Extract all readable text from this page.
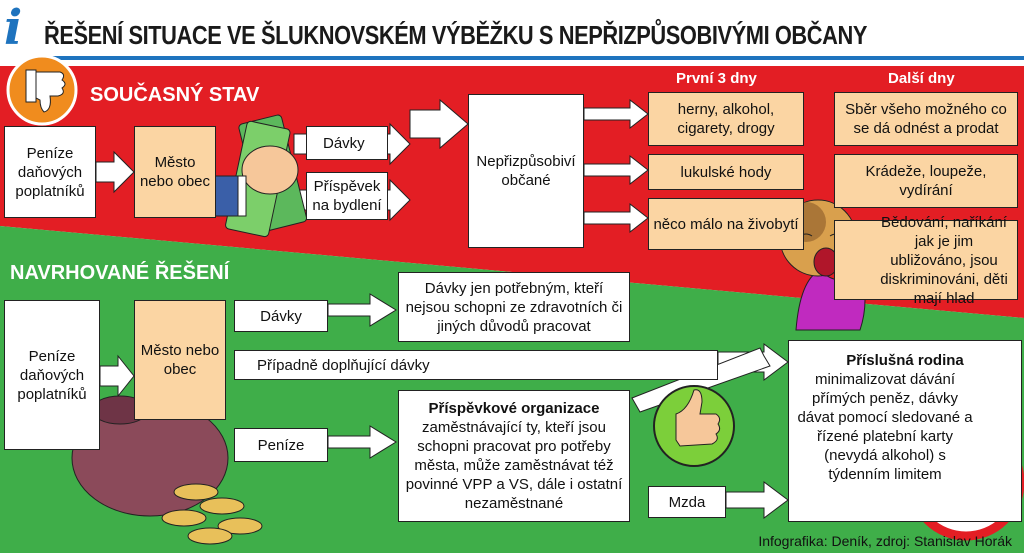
i ŘEŠENÍ SITUACE VE ŠLUKNOVSKÉM VÝBĚŽKU S NEPŘIZPŮSOBIVÝMI OBČANY
SOUČASNÝ STAV
První 3 dny	Další dny
Peníze daňových poplatníků
Město nebo obec
Dávky
Příspěvek na bydlení
Nepřizpůsobiví občané
herny, alkohol, cigarety, drogy
lukulské hody
něco málo na živobytí
Sběr všeho možného co se dá odnést a prodat
Krádeže, loupeže, vydírání
Bědování, naříkání jak je jim ubližováno, jsou diskriminováni, děti mají hlad
NAVRHOVANÉ ŘEŠENÍ
Peníze daňových poplatníků
Město nebo obec
Dávky
Dávky jen potřebným, kteří nejsou schopni ze zdravotních či jiných důvodů pracovat
Případně doplňující dávky
Peníze
Příspěvkové organizace
zaměstnávající ty, kteří jsou schopni pracovat pro potřeby města, může zaměstnávat též povinné VPP a VS, dále i ostatní nezaměstnané	Mzda
Příslušná rodina
minimalizovat dávání přímých peněz, dávky dávat pomocí sledované a řízené platební karty (nevydá alkohol) s týdenním limitem
Infografika: Deník, zdroj: Stanislav Horák
